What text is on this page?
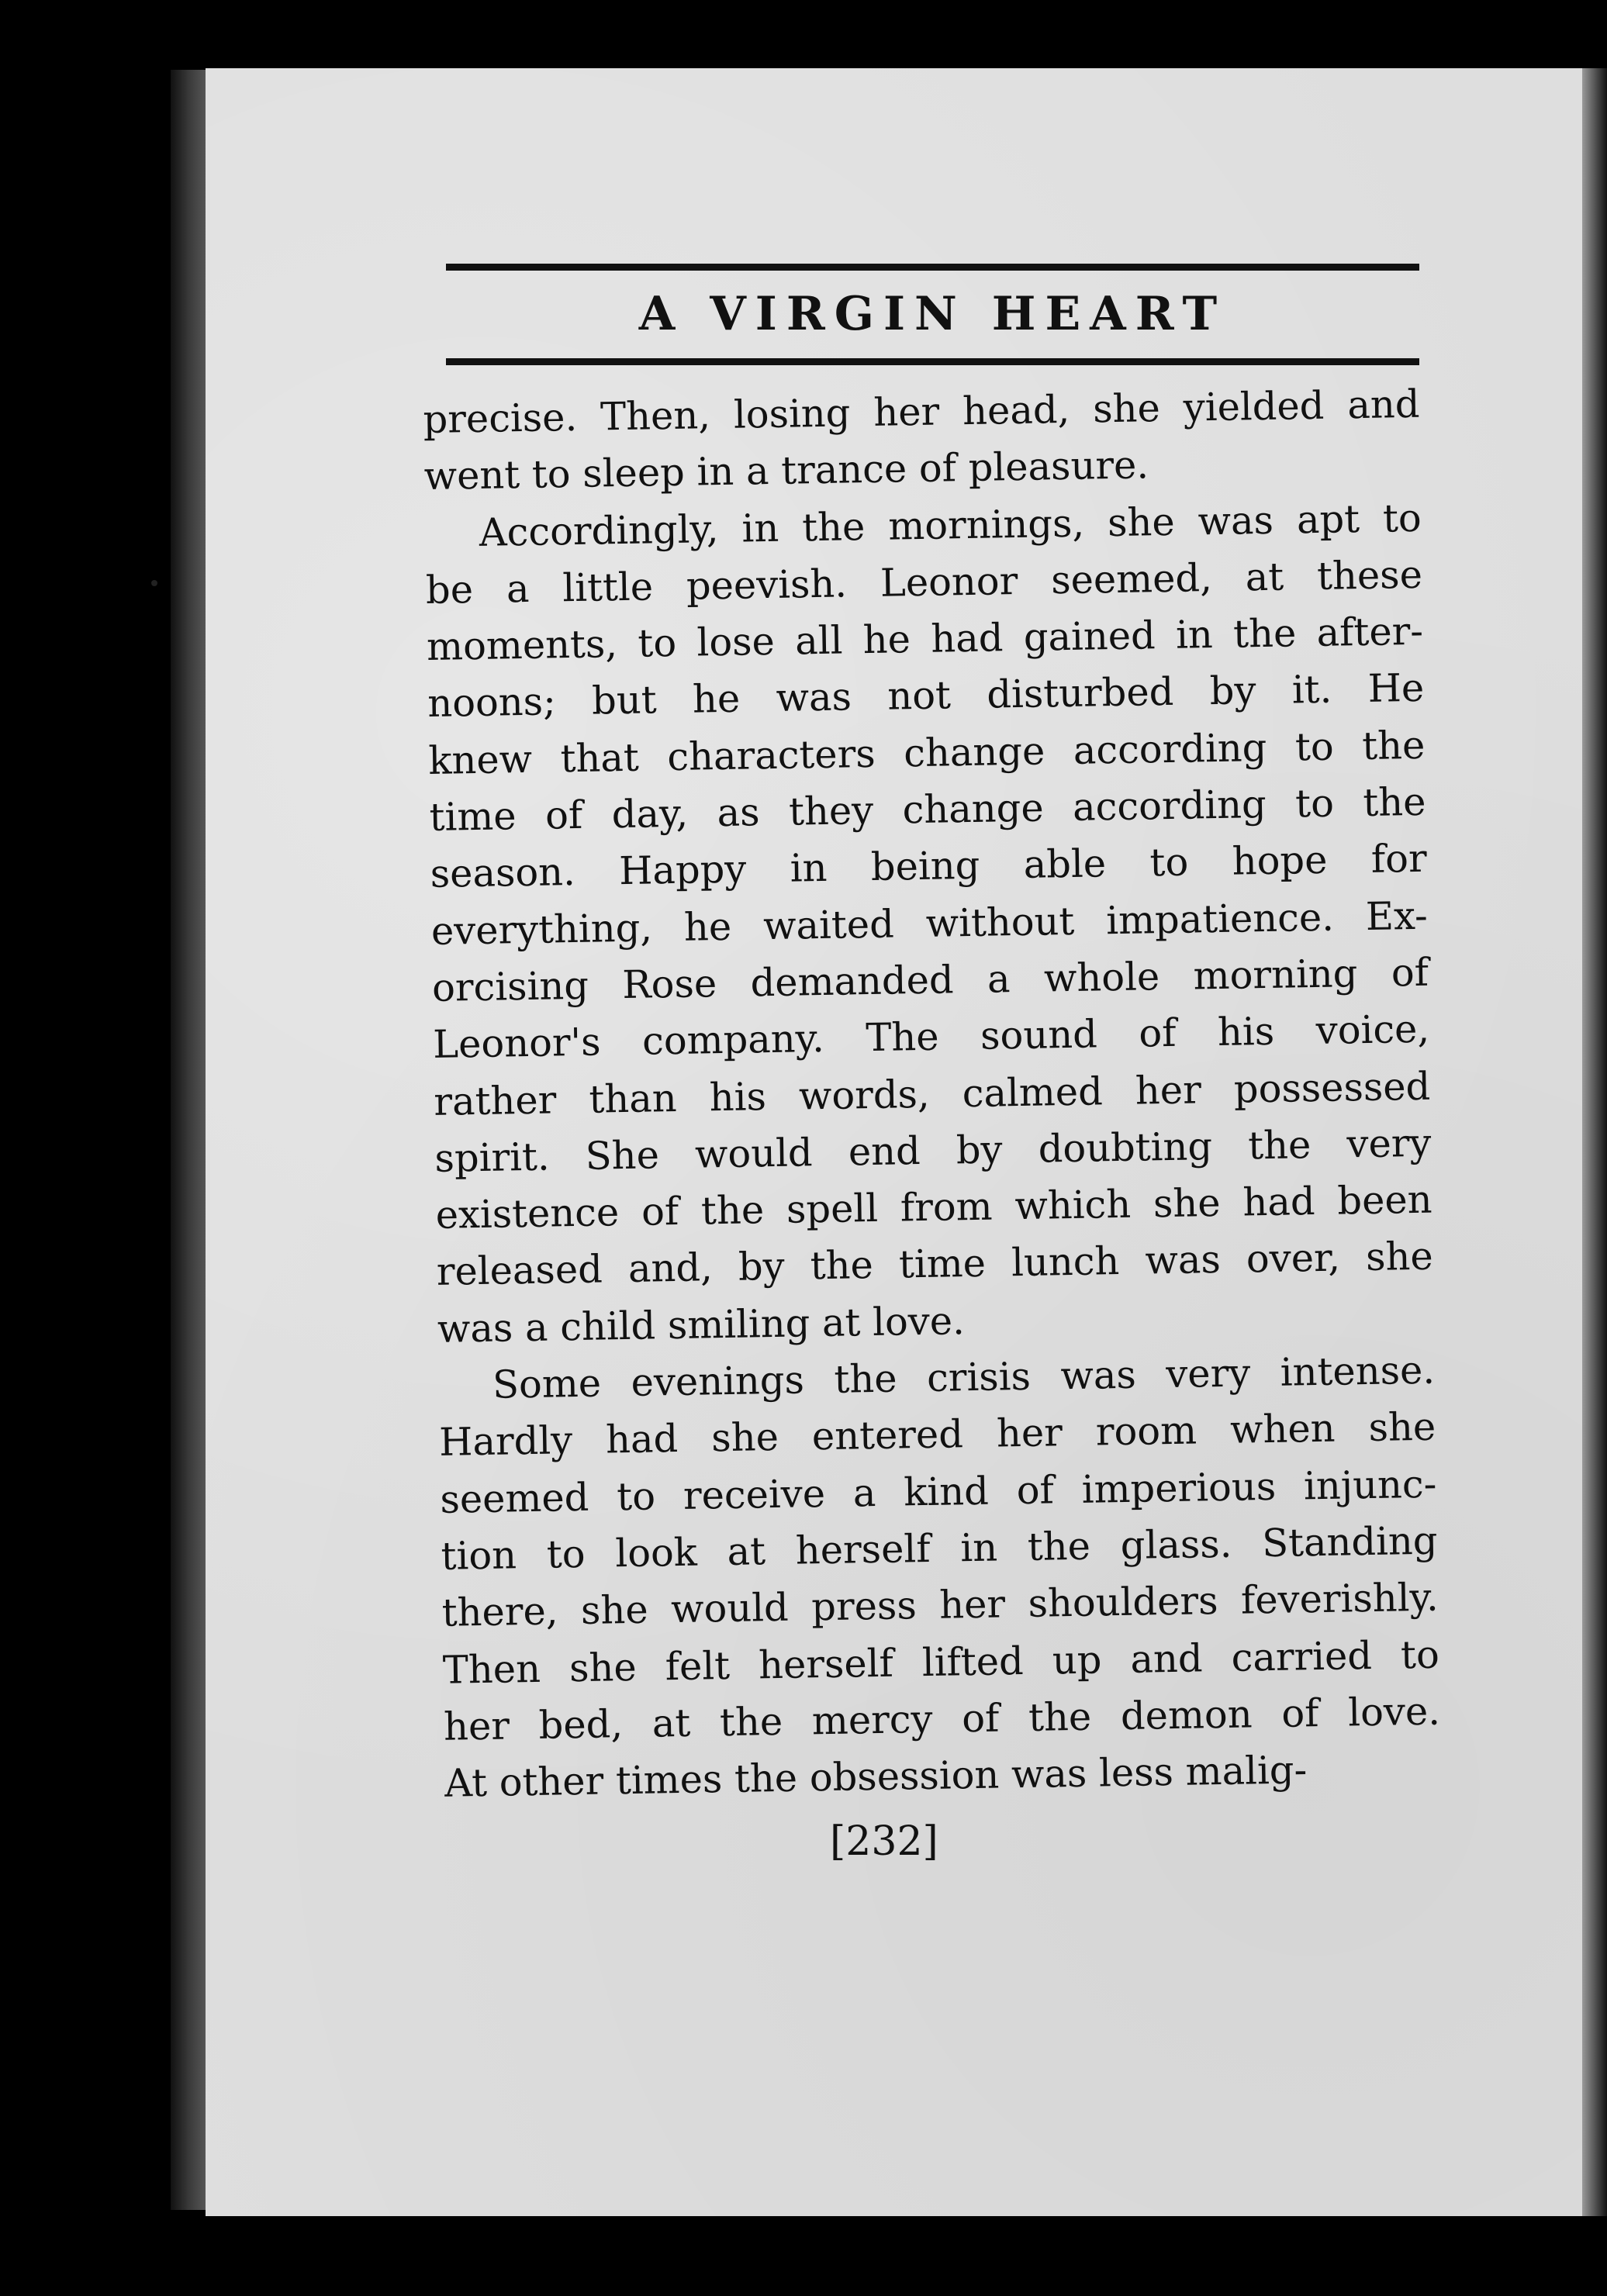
A VIRGIN HEART
precise. Then, losing her head, she yielded and
went to sleep in a trance of pleasure.
Accordingly, in the mornings, she was apt to
be a little peevish. Leonor seemed, at these
moments, to lose all he had gained in the after-
noons; but he was not disturbed by it. He
knew that characters change according to the
time of day, as they change according to the
season. Happy in being able to hope for
everything, he waited without impatience. Ex-
orcising Rose demanded a whole morning of
Leonor's company. The sound of his voice,
rather than his words, calmed her possessed
spirit. She would end by doubting the very
existence of the spell from which she had been
released and, by the time lunch was over, she
was a child smiling at love.
Some evenings the crisis was very intense.
Hardly had she entered her room when she
seemed to receive a kind of imperious injunc-
tion to look at herself in the glass. Standing
there, she would press her shoulders feverishly.
Then she felt herself lifted up and carried to
her bed, at the mercy of the demon of love.
At other times the obsession was less malig-
[232]
